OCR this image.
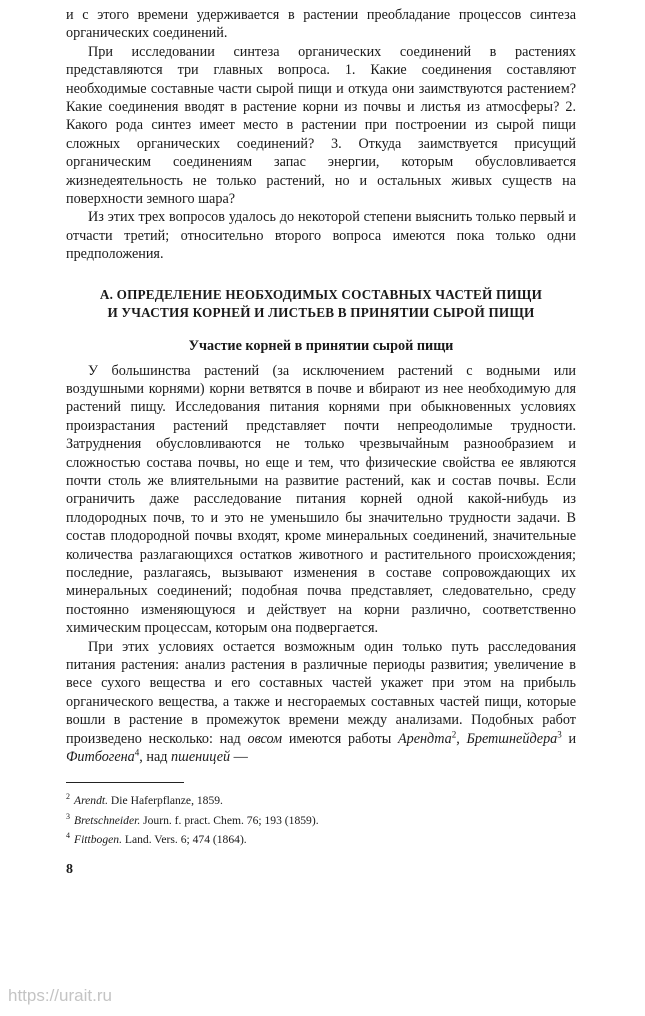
и с этого времени удерживается в растении преобладание процессов синтеза органических соединений.

При исследовании синтеза органических соединений в растениях представляются три главных вопроса. 1. Какие соединения составляют необходимые составные части сырой пищи и откуда они заимствуются растением? Какие соединения вводят в растение корни из почвы и листья из атмосферы? 2. Какого рода синтез имеет место в растении при построении из сырой пищи сложных органических соединений? 3. Откуда заимствуется присущий органическим соединениям запас энергии, которым обусловливается жизнедеятельность не только растений, но и остальных живых существ на поверхности земного шара?

Из этих трех вопросов удалось до некоторой степени выяснить только первый и отчасти третий; относительно второго вопроса имеются пока только одни предположения.

А. ОПРЕДЕЛЕНИЕ НЕОБХОДИМЫХ СОСТАВНЫХ ЧАСТЕЙ ПИЩИ
И УЧАСТИЯ КОРНЕЙ И ЛИСТЬЕВ В ПРИНЯТИИ СЫРОЙ ПИЩИ
Участие корней в принятии сырой пищи

У большинства растений (за исключением растений с водными или воздушными корнями) корни ветвятся в почве и вбирают из нее необходимую для растений пищу. Исследования питания корнями при обыкновенных условиях произрастания растений представляет почти непреодолимые трудности. Затруднения обусловливаются не только чрезвычайным разнообразием и сложностью состава почвы, но еще и тем, что физические свойства ее являются почти столь же влиятельными на развитие растений, как и состав почвы. Если ограничить даже расследование питания корней одной какой-нибудь из плодородных почв, то и это не уменьшило бы значительно трудности задачи. В состав плодородной почвы входят, кроме минеральных соединений, значительные количества разлагающихся остатков животного и растительного происхождения; последние, разлагаясь, вызывают изменения в составе сопровождающих их минеральных соединений; подобная почва представляет, следовательно, среду постоянно изменяющуюся и действует на корни различно, соответственно химическим процессам, которым она подвергается.

При этих условиях остается возможным один только путь расследования питания растения: анализ растения в различные периоды развития; увеличение в весе сухого вещества и его составных частей укажет при этом на прибыль органического вещества, а также и несгораемых составных частей пищи, которые вошли в растение в промежуток времени между анализами. Подобных работ произведено несколько: над овсом имеются работы Арендта$^2$, Бретшнейдера$^3$ и Фитбогена$^4$, над пшеницей —

$^2$ Arendt. Die Haferpflanze, 1859.

$^3$ Bretschneider. Journ. f. pract. Chem. 76; 193 (1859).

$^4$ Fittbogen. Land. Vers. 6; 474 (1864).

8
https://urait.ru
